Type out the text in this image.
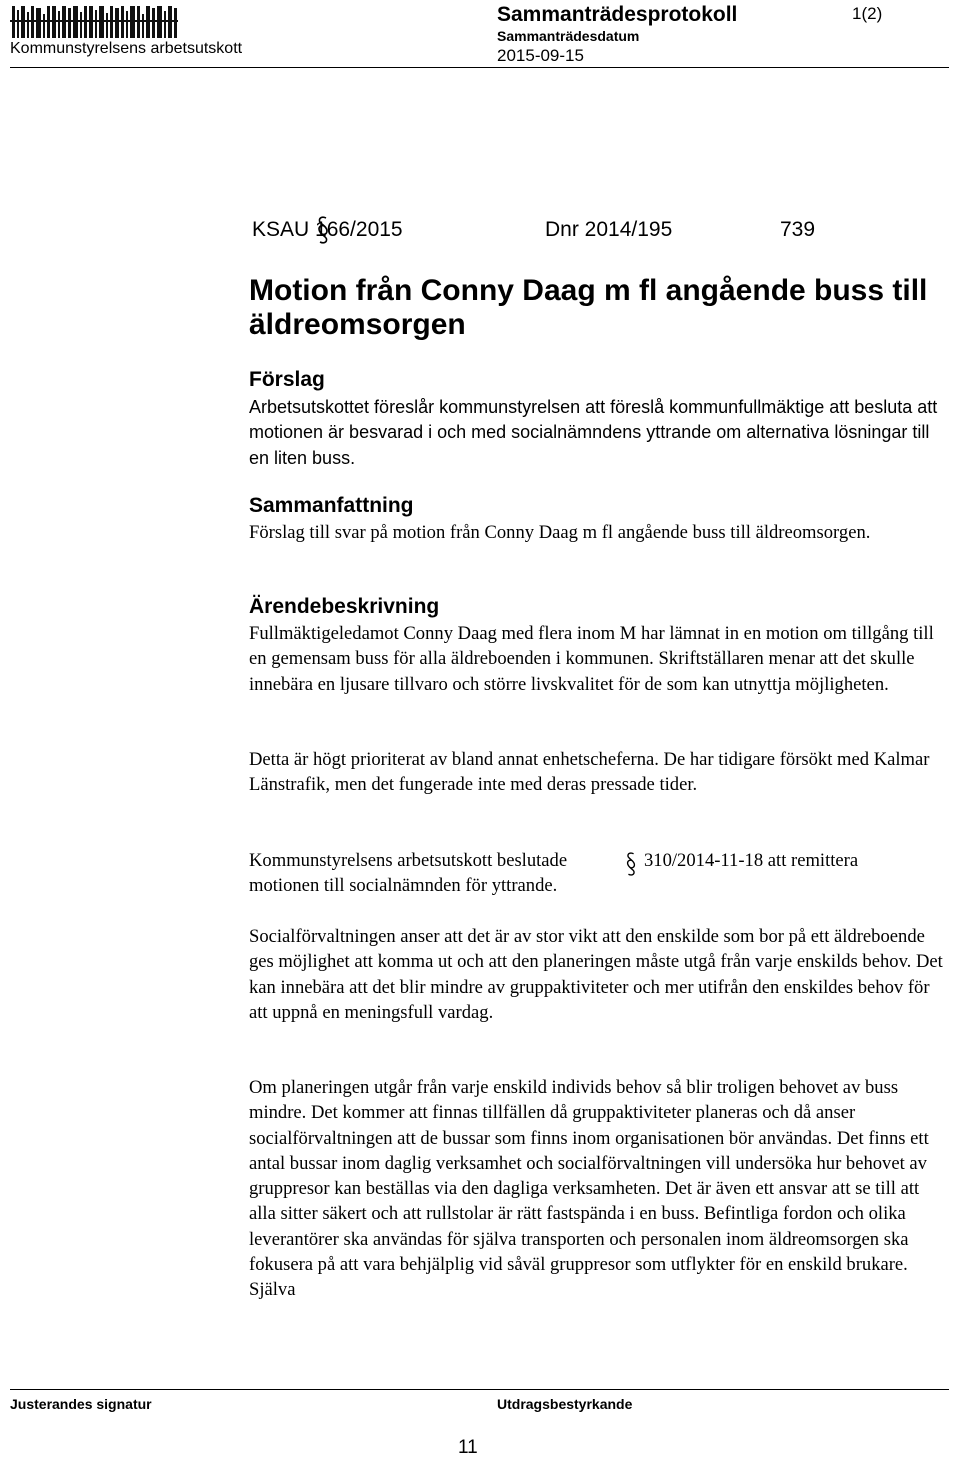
Sammanträdesprotokoll	1(2)
Sammanträdesdatum
Kommunstyrelsens arbetsutskott	2015-09-15
KSAU 166/2015	Dnr 2014/195	739
Motion från Conny Daag m fl angående buss till äldreomsorgen
Förslag
Arbetsutskottet föreslår kommunstyrelsen att föreslå kommunfullmäktige att besluta att motionen är besvarad i och med socialnämndens yttrande om alternativa lösningar till en liten buss.
Sammanfattning
Förslag till svar på motion från Conny Daag m fl angående buss till äldreomsorgen.
Ärendebeskrivning
Fullmäktigeledamot Conny Daag med flera inom M har lämnat in en motion om tillgång till en gemensam buss för alla äldreboenden i kommunen. Skriftställaren menar att det skulle innebära en ljusare tillvaro och större livskvalitet för de som kan utnyttja möjligheten.
Detta är högt prioriterat av bland annat enhetscheferna. De har tidigare försökt med Kalmar Länstrafik, men det fungerade inte med deras pressade tider.
Kommunstyrelsens arbetsutskott beslutade	310/2014-11-18 att remittera
motionen till socialnämnden för yttrande.
Socialförvaltningen anser att det är av stor vikt att den enskilde som bor på ett äldreboende ges möjlighet att komma ut och att den planeringen måste utgå från varje enskilds behov. Det kan innebära att det blir mindre av gruppaktiviteter och mer utifrån den enskildes behov för att uppnå en meningsfull vardag.
Om planeringen utgår från varje enskild individs behov så blir troligen behovet av buss mindre. Det kommer att finnas tillfällen då gruppaktiviteter planeras och då anser socialförvaltningen att de bussar som finns inom organisationen bör användas. Det finns ett antal bussar inom daglig verksamhet och socialförvaltningen vill undersöka hur behovet av gruppresor kan beställas via den dagliga verksamheten. Det är även ett ansvar att se till att alla sitter säkert och att rullstolar är rätt fastspända i en buss. Befintliga fordon och olika leverantörer ska användas för själva transporten och personalen inom äldreomsorgen ska fokusera på att vara behjälplig vid såväl gruppresor som utflykter för en enskild brukare. Själva
Justerandes signatur	Utdragsbestyrkande
11
